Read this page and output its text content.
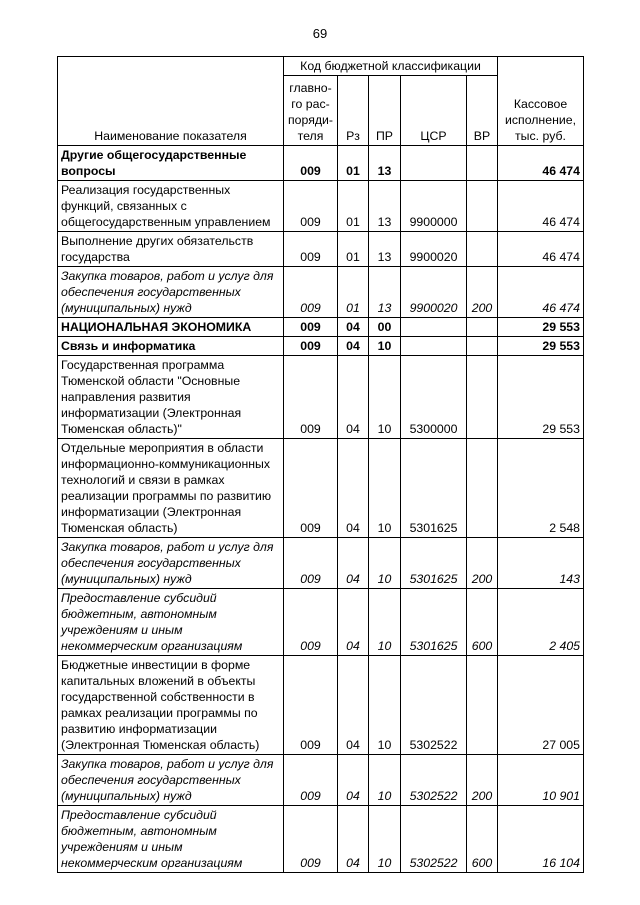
69
Наименование показателя	Код бюджетной классификации					Кассовое
исполнение,
тыс. руб.

	главно-
го рас-
поряди-
теля	Рз	ПР	ЦСР	ВР	
Другие общегосударственные вопросы	009	01	13			46 474
Реализация государственных функций, связанных с общегосударственным управлением	009	01	13	9900000		46 474
Выполнение других обязательств государства	009	01	13	9900020		46 474
Закупка товаров, работ и услуг для обеспечения государственных (муниципальных) нужд	009	01	13	9900020	200	46 474
НАЦИОНАЛЬНАЯ ЭКОНОМИКА	009	04	00			29 553
Связь и информатика	009	04	10			29 553
Государственная программа Тюменской области "Основные направления развития информатизации (Электронная Тюменская область)"	009	04	10	5300000		29 553
Отдельные мероприятия в области информационно-коммуникационных технологий и связи в рамках реализации программы по развитию информатизации (Электронная Тюменская область)	009	04	10	5301625		2 548
Закупка товаров, работ и услуг для обеспечения государственных (муниципальных) нужд	009	04	10	5301625	200	143
Предоставление субсидий бюджетным, автономным учреждениям и иным некоммерческим организациям	009	04	10	5301625	600	2 405
Бюджетные инвестиции в форме капитальных вложений в объекты государственной собственности в рамках реализации программы по развитию информатизации (Электронная Тюменская область)	009	04	10	5302522		27 005
Закупка товаров, работ и услуг для обеспечения государственных (муниципальных) нужд	009	04	10	5302522	200	10 901
Предоставление субсидий бюджетным, автономным учреждениям и иным некоммерческим организациям	009	04	10	5302522	600	16 104
